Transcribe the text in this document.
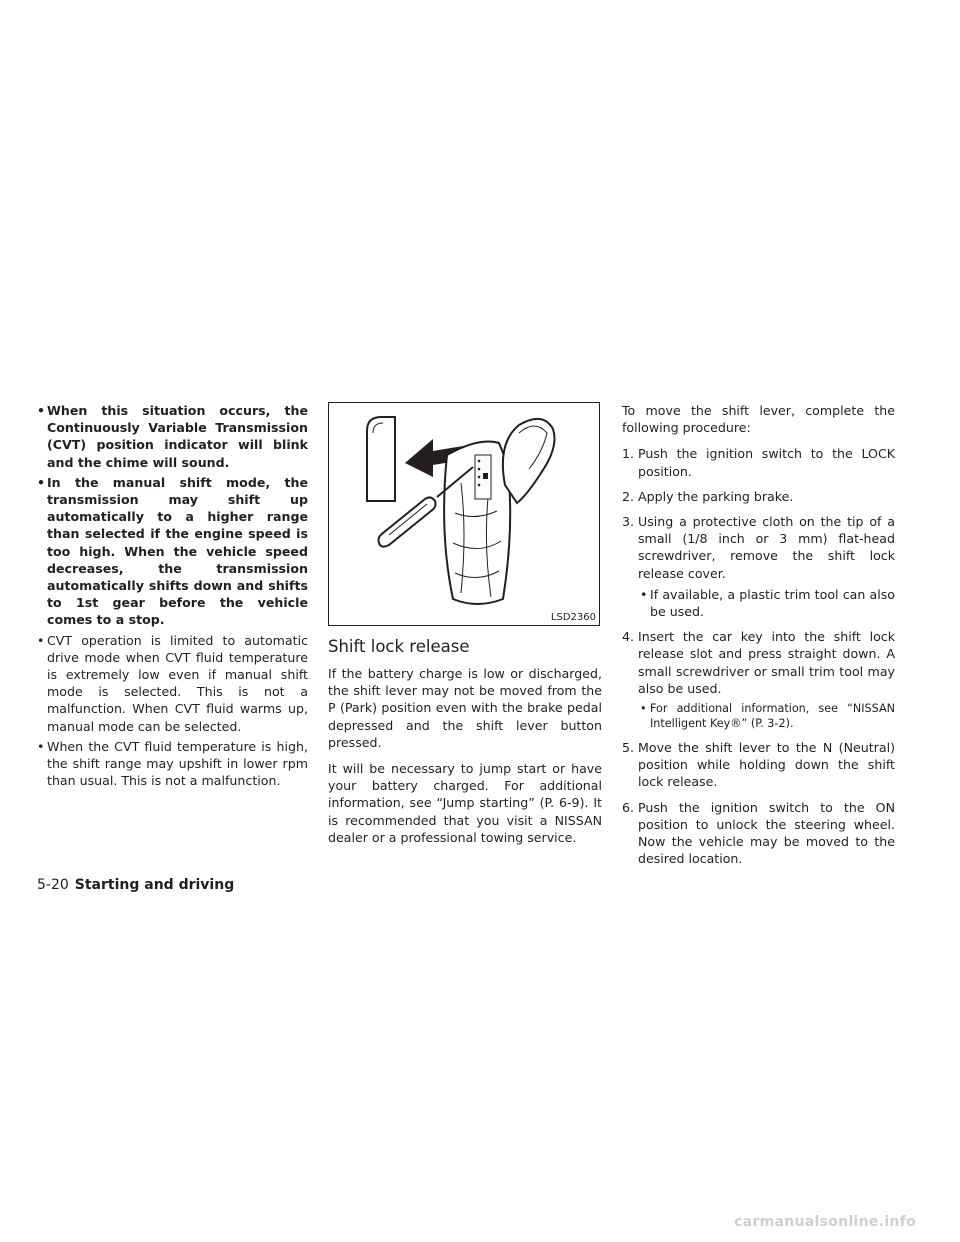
• When this situation occurs, the Continuously Variable Transmission (CVT) position indicator will blink and the chime will sound.
• In the manual shift mode, the transmission may shift up automatically to a higher range than selected if the engine speed is too high. When the vehicle speed decreases, the transmission automatically shifts down and shifts to 1st gear before the vehicle comes to a stop.
• CVT operation is limited to automatic drive mode when CVT fluid temperature is extremely low even if manual shift mode is selected. This is not a malfunction. When CVT fluid warms up, manual mode can be selected.
• When the CVT fluid temperature is high, the shift range may upshift in lower rpm than usual. This is not a malfunction.
LSD2360
Shift lock release

If the battery charge is low or discharged, the shift lever may not be moved from the P (Park) position even with the brake pedal depressed and the shift lever button pressed.

It will be necessary to jump start or have your battery charged. For additional information, see “Jump starting” (P. 6-9). It is recommended that you visit a NISSAN dealer or a professional towing service.

To move the shift lever, complete the following procedure:

1. Push the ignition switch to the LOCK position.
2. Apply the parking brake.
3. Using a protective cloth on the tip of a small (1/8 inch or 3 mm) flat-head screwdriver, remove the shift lock release cover.
• If available, a plastic trim tool can also be used.
4. Insert the car key into the shift lock release slot and press straight down. A small screwdriver or small trim tool may also be used.
• For additional information, see “NISSAN Intelligent Key®” (P. 3-2).
5. Move the shift lever to the N (Neutral) position while holding down the shift lock release.
6. Push the ignition switch to the ON position to unlock the steering wheel. Now the vehicle may be moved to the desired location.
5-20 Starting and driving
carmanualsonline.info
